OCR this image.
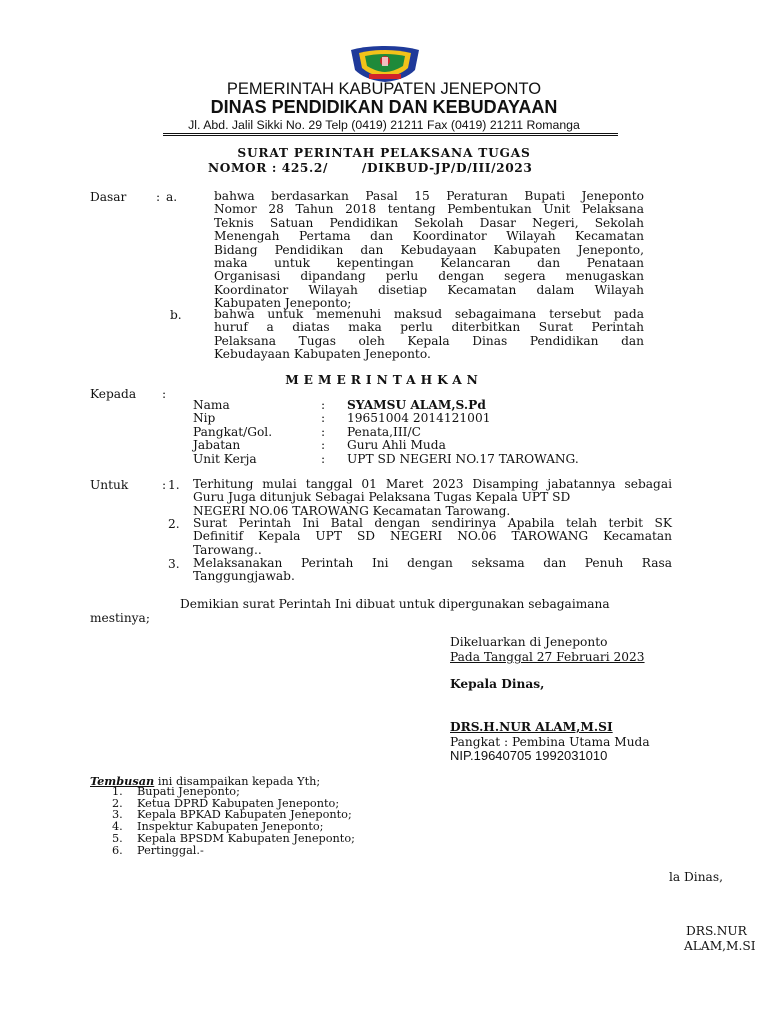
PEMERINTAH KABUPATEN JENEPONTO
DINAS PENDIDIKAN DAN KEBUDAYAAN
Jl. Abd. Jalil Sikki No. 29 Telp (0419) 21211 Fax (0419) 21211 Romanga
SURAT PERINTAH PELAKSANA TUGAS
NOMOR : 425.2/       /DIKBUD-JP/D/III/2023
Dasar : a.	bahwa berdasarkan Pasal 15 Peraturan Bupati Jeneponto
Nomor 28 Tahun 2018 tentang Pembentukan Unit Pelaksana
Teknis Satuan Pendidikan Sekolah Dasar Negeri, Sekolah
Menengah Pertama dan Koordinator Wilayah Kecamatan
Bidang Pendidikan dan Kebudayaan Kabupaten Jeneponto,
maka untuk kepentingan Kelancaran dan Penataan
Organisasi dipandang perlu dengan segera menugaskan
Koordinator Wilayah disetiap Kecamatan dalam Wilayah
Kabupaten Jeneponto;
b.	bahwa untuk memenuhi maksud sebagaimana tersebut pada
huruf a diatas maka perlu diterbitkan Surat Perintah
Pelaksana Tugas oleh Kepala Dinas Pendidikan dan
Kebudayaan Kabupaten Jeneponto.
MEMERINTAHKAN
Kepada :
Nama	: SYAMSU ALAM,S.Pd
Nip	: 19651004 2014121001
Pangkat/Gol.	: Penata,III/C
Jabatan	: Guru Ahli Muda
Unit Kerja	: UPT SD NEGERI NO.17 TAROWANG.
Untuk	: 1. Terhitung mulai tanggal 01 Maret 2023 Disamping jabatannya sebagai
Guru Juga ditunjuk Sebagai Pelaksana Tugas Kepala UPT SD
NEGERI NO.06 TAROWANG Kecamatan Tarowang.
2. Surat Perintah Ini Batal dengan sendirinya Apabila telah terbit SK
Definitif Kepala UPT SD NEGERI NO.06 TAROWANG Kecamatan
Tarowang..
3. Melaksanakan Perintah Ini dengan seksama dan Penuh Rasa
Tanggungjawab.
Demikian surat Perintah Ini dibuat untuk dipergunakan sebagaimana
mestinya;
Dikeluarkan di Jeneponto
Pada Tanggal 27 Februari 2023
Kepala Dinas,
DRS.H.NUR ALAM,M.SI
Pangkat : Pembina Utama Muda
NIP.19640705 1992031010
Tembusan ini disampaikan kepada Yth;
1. Bupati Jeneponto;
2. Ketua DPRD Kabupaten Jeneponto;
3. Kepala BPKAD Kabupaten Jeneponto;
4. Inspektur Kabupaten Jeneponto;
5. Kepala BPSDM Kabupaten Jeneponto;
6. Pertinggal.-
la Dinas,
DRS.NUR
ALAM,M.SI
